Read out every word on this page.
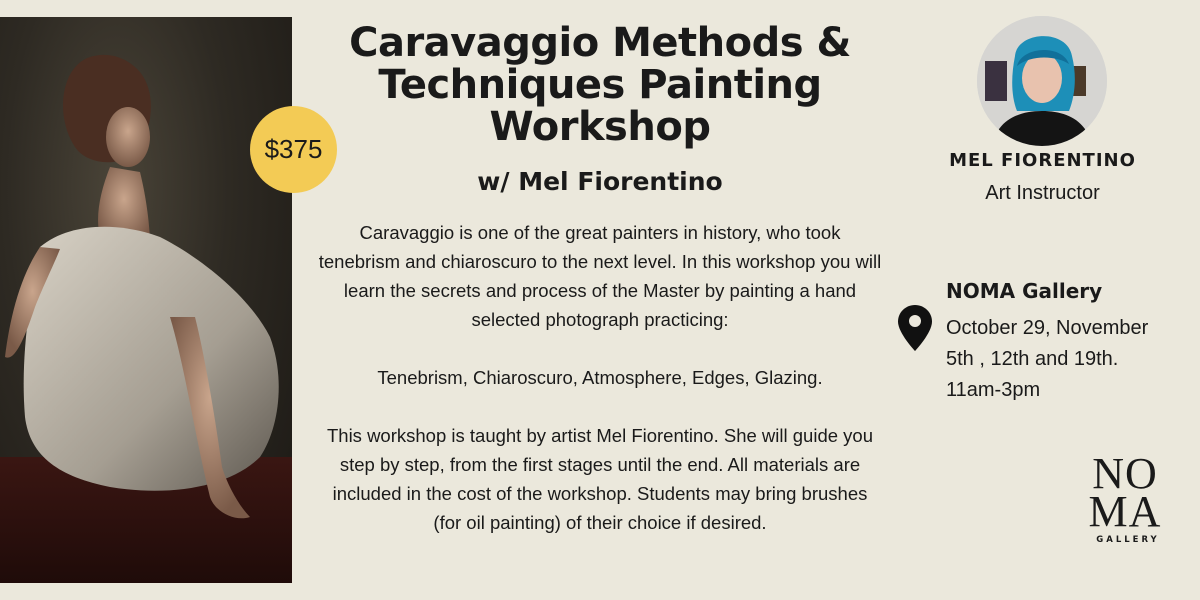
$375
Caravaggio Methods & Techniques Painting Workshop
w/ Mel Fiorentino

Caravaggio is one of the great painters in history, who took tenebrism and chiaroscuro to the next level. In this workshop you will learn the secrets and process of the Master by painting a hand selected photograph practicing:

Tenebrism, Chiaroscuro, Atmosphere, Edges, Glazing.

This workshop is taught by artist Mel Fiorentino. She will guide you step by step, from the first stages until the end. All materials are included in the cost of the workshop. Students may bring brushes (for oil painting) of their choice if desired.

MEL FIORENTINO
Art Instructor
NOMA Gallery
October 29, November
5th , 12th and 19th.
11am-3pm
NO
MA
GALLERY
